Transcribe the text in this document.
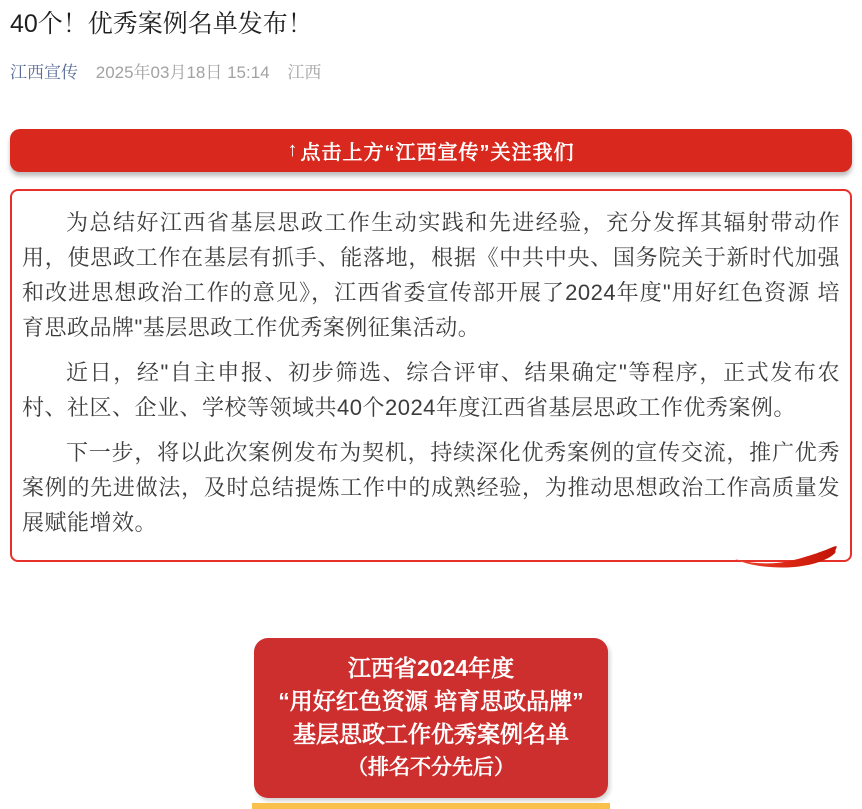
40个！优秀案例名单发布！
江西宣传 2025年03月18日 15:14 江西
↑ 点击上方“江西宣传”关注我们

为总结好江西省基层思政工作生动实践和先进经验，充分发挥其辐射带动作用，使思政工作在基层有抓手、能落地，根据《中共中央、国务院关于新时代加强和改进思想政治工作的意见》，江西省委宣传部开展了2024年度"用好红色资源 培育思政品牌"基层思政工作优秀案例征集活动。

近日，经"自主申报、初步筛选、综合评审、结果确定"等程序，正式发布农村、社区、企业、学校等领域共40个2024年度江西省基层思政工作优秀案例。

下一步，将以此次案例发布为契机，持续深化优秀案例的宣传交流，推广优秀案例的先进做法，及时总结提炼工作中的成熟经验，为推动思想政治工作高质量发展赋能增效。

江西省2024年度
“用好红色资源 培育思政品牌”
基层思政工作优秀案例名单
（排名不分先后）
